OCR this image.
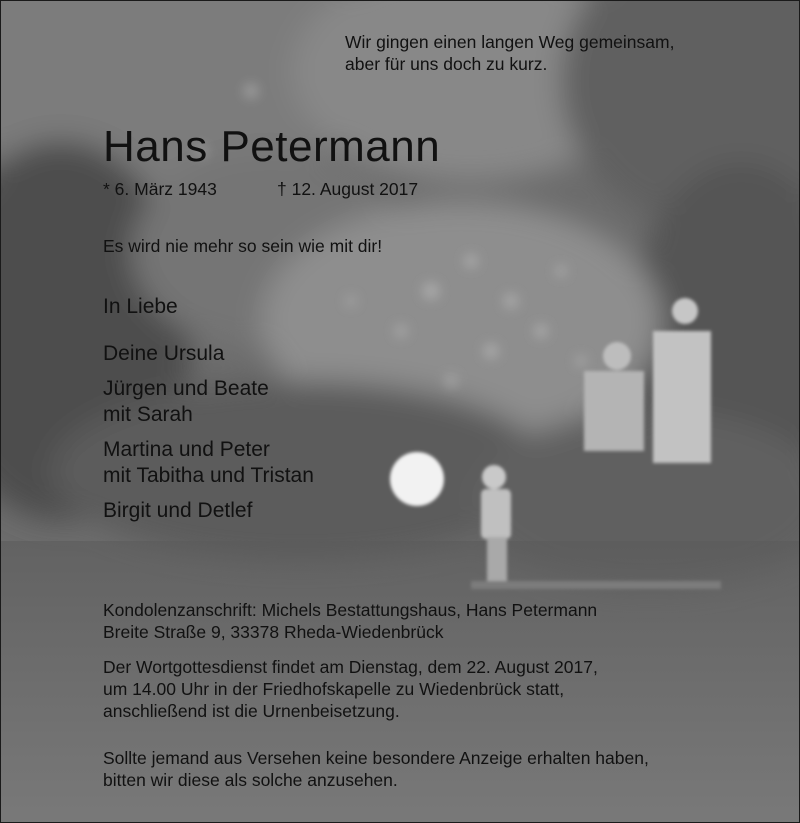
Wir gingen einen langen Weg gemeinsam,
aber für uns doch zu kurz.
Hans Petermann
* 6. März 1943	† 12. August 2017
Es wird nie mehr so sein wie mit dir!
In Liebe
Deine Ursula
Jürgen und Beate
mit Sarah
Martina und Peter
mit Tabitha und Tristan
Birgit und Detlef
Kondolenzanschrift: Michels Bestattungshaus, Hans Petermann
Breite Straße 9, 33378 Rheda-Wiedenbrück
Der Wortgottesdienst findet am Dienstag, dem 22. August 2017,
um 14.00 Uhr in der Friedhofskapelle zu Wiedenbrück statt,
anschließend ist die Urnenbeisetzung.
Sollte jemand aus Versehen keine besondere Anzeige erhalten haben,
bitten wir diese als solche anzusehen.
